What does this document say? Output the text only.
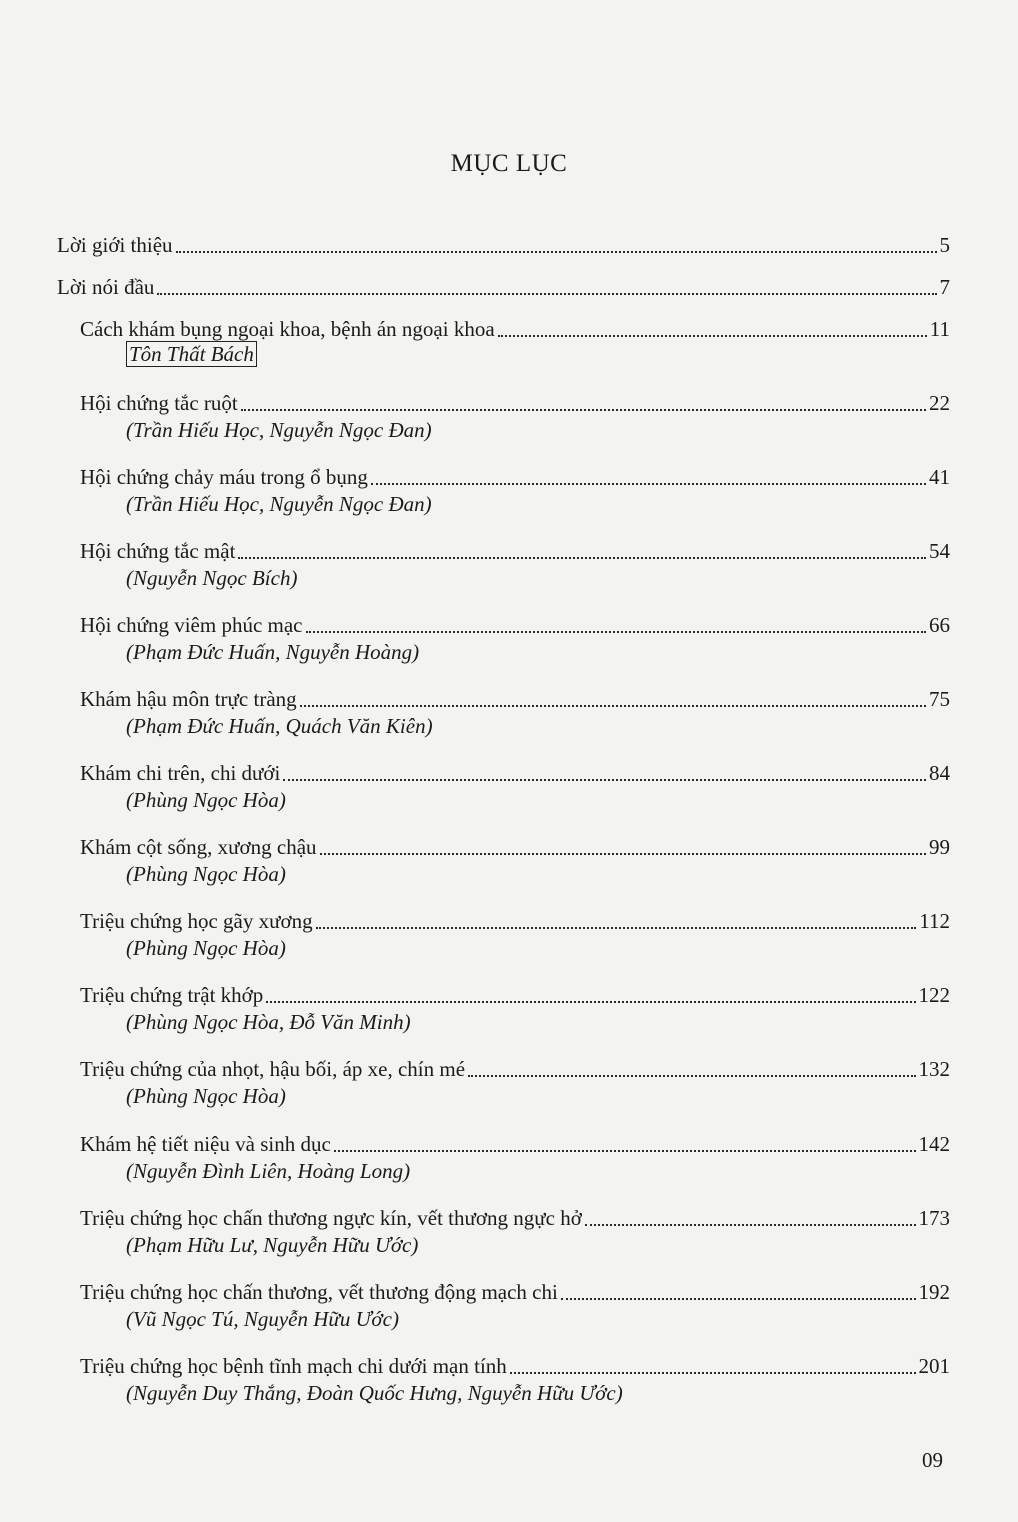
MỤC LỤC
Lời giới thiệu	5
Lời nói đầu	7
Cách khám bụng ngoại khoa, bệnh án ngoại khoa	11
Tôn Thất Bách
Hội chứng tắc ruột	22
(Trần Hiếu Học, Nguyễn Ngọc Đan)
Hội chứng chảy máu trong ổ bụng	41
(Trần Hiếu Học, Nguyễn Ngọc Đan)
Hội chứng tắc mật	54
(Nguyễn Ngọc Bích)
Hội chứng viêm phúc mạc	66
(Phạm Đức Huấn, Nguyễn Hoàng)
Khám hậu môn trực tràng	75
(Phạm Đức Huấn, Quách Văn Kiên)
Khám chi trên, chi dưới	84
(Phùng Ngọc Hòa)
Khám cột sống, xương chậu	99
(Phùng Ngọc Hòa)
Triệu chứng học gãy xương	112
(Phùng Ngọc Hòa)
Triệu chứng trật khớp	122
(Phùng Ngọc Hòa, Đỗ Văn Minh)
Triệu chứng của nhọt, hậu bối, áp xe, chín mé	132
(Phùng Ngọc Hòa)
Khám hệ tiết niệu và sinh dục	142
(Nguyễn Đình Liên, Hoàng Long)
Triệu chứng học chấn thương ngực kín, vết thương ngực hở	173
(Phạm Hữu Lư, Nguyễn Hữu Ước)
Triệu chứng học chấn thương, vết thương động mạch chi	192
(Vũ Ngọc Tú, Nguyễn Hữu Ước)
Triệu chứng học bệnh tĩnh mạch chi dưới mạn tính	201
(Nguyễn Duy Thắng, Đoàn Quốc Hưng, Nguyễn Hữu Ước)
09
